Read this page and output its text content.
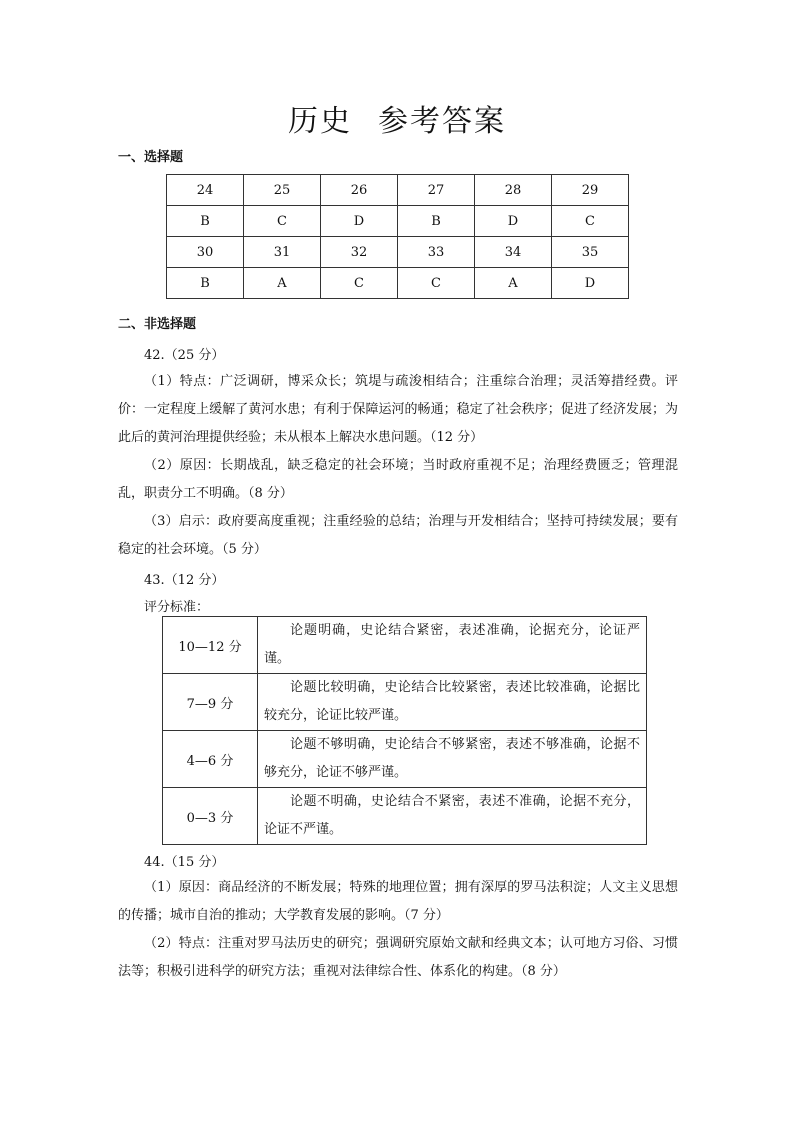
历史 参考答案
一、选择题
24	25	26	27	28	29
B	C	D	B	D	C
30	31	32	33	34	35
B	A	C	C	A	D
二、非选择题
42.（25 分）
（1）特点：广泛调研，博采众长；筑堤与疏浚相结合；注重综合治理；灵活筹措经费。评价：一定程度上缓解了黄河水患；有利于保障运河的畅通；稳定了社会秩序；促进了经济发展；为此后的黄河治理提供经验；未从根本上解决水患问题。（12 分）
（2）原因：长期战乱，缺乏稳定的社会环境；当时政府重视不足；治理经费匮乏；管理混乱，职责分工不明确。（8 分）
（3）启示：政府要高度重视；注重经验的总结；治理与开发相结合；坚持可持续发展；要有稳定的社会环境。（5 分）
43.（12 分）
评分标准：
10—12 分	论题明确，史论结合紧密，表述准确，论据充分，论证严谨。
7—9 分	论题比较明确，史论结合比较紧密，表述比较准确，论据比较充分，论证比较严谨。
4—6 分	论题不够明确，史论结合不够紧密，表述不够准确，论据不够充分，论证不够严谨。
0—3 分	论题不明确，史论结合不紧密，表述不准确，论据不充分，论证不严谨。
44.（15 分）
（1）原因：商品经济的不断发展；特殊的地理位置；拥有深厚的罗马法积淀；人文主义思想的传播；城市自治的推动；大学教育发展的影响。（7 分）
（2）特点：注重对罗马法历史的研究；强调研究原始文献和经典文本；认可地方习俗、习惯法等；积极引进科学的研究方法；重视对法律综合性、体系化的构建。（8 分）
